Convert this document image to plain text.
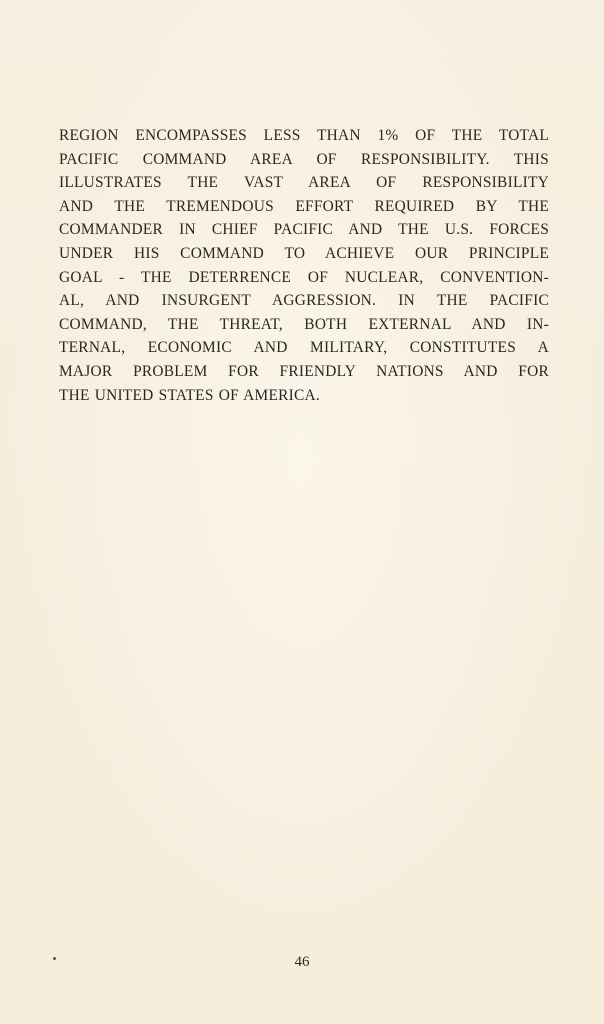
REGION ENCOMPASSES LESS THAN 1% OF THE TOTAL
PACIFIC COMMAND AREA OF RESPONSIBILITY. THIS
ILLUSTRATES THE VAST AREA OF RESPONSIBILITY
AND THE TREMENDOUS EFFORT REQUIRED BY THE
COMMANDER IN CHIEF PACIFIC AND THE U.S. FORCES
UNDER HIS COMMAND TO ACHIEVE OUR PRINCIPLE
GOAL - THE DETERRENCE OF NUCLEAR, CONVENTION-
AL, AND INSURGENT AGGRESSION. IN THE PACIFIC
COMMAND, THE THREAT, BOTH EXTERNAL AND IN-
TERNAL, ECONOMIC AND MILITARY, CONSTITUTES A
MAJOR PROBLEM FOR FRIENDLY NATIONS AND FOR
THE UNITED STATES OF AMERICA.

46
